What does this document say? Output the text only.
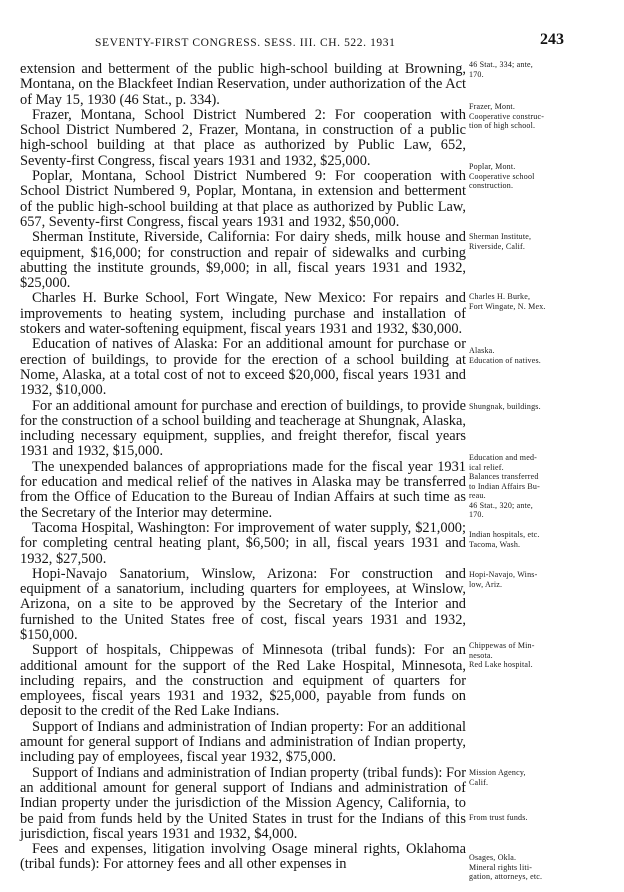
SEVENTY-FIRST CONGRESS. SESS. III. CH. 522. 1931	243

extension and betterment of the public high-school building at Browning, Montana, on the Blackfeet Indian Reservation, under authorization of the Act of May 15, 1930 (46 Stat., p. 334).

Frazer, Montana, School District Numbered 2: For cooperation with School District Numbered 2, Frazer, Montana, in construction of a public high-school building at that place as authorized by Public Law, 652, Seventy-first Congress, fiscal years 1931 and 1932, $25,000.

Poplar, Montana, School District Numbered 9: For cooperation with School District Numbered 9, Poplar, Montana, in extension and betterment of the public high-school building at that place as authorized by Public Law, 657, Seventy-first Congress, fiscal years 1931 and 1932, $50,000.

Sherman Institute, Riverside, California: For dairy sheds, milk house and equipment, $16,000; for construction and repair of sidewalks and curbing abutting the institute grounds, $9,000; in all, fiscal years 1931 and 1932, $25,000.

Charles H. Burke School, Fort Wingate, New Mexico: For repairs and improvements to heating system, including purchase and installation of stokers and water-softening equipment, fiscal years 1931 and 1932, $30,000.

Education of natives of Alaska: For an additional amount for purchase or erection of buildings, to provide for the erection of a school building at Nome, Alaska, at a total cost of not to exceed $20,000, fiscal years 1931 and 1932, $10,000.

For an additional amount for purchase and erection of buildings, to provide for the construction of a school building and teacherage at Shungnak, Alaska, including necessary equipment, supplies, and freight therefor, fiscal years 1931 and 1932, $15,000.

The unexpended balances of appropriations made for the fiscal year 1931 for education and medical relief of the natives in Alaska may be transferred from the Office of Education to the Bureau of Indian Affairs at such time as the Secretary of the Interior may determine.

Tacoma Hospital, Washington: For improvement of water supply, $21,000; for completing central heating plant, $6,500; in all, fiscal years 1931 and 1932, $27,500.

Hopi-Navajo Sanatorium, Winslow, Arizona: For construction and equipment of a sanatorium, including quarters for employees, at Winslow, Arizona, on a site to be approved by the Secretary of the Interior and furnished to the United States free of cost, fiscal years 1931 and 1932, $150,000.

Support of hospitals, Chippewas of Minnesota (tribal funds): For an additional amount for the support of the Red Lake Hospital, Minnesota, including repairs, and the construction and equipment of quarters for employees, fiscal years 1931 and 1932, $25,000, payable from funds on deposit to the credit of the Red Lake Indians.

Support of Indians and administration of Indian property: For an additional amount for general support of Indians and administration of Indian property, including pay of employees, fiscal year 1932, $75,000.

Support of Indians and administration of Indian property (tribal funds): For an additional amount for general support of Indians and administration of Indian property under the jurisdiction of the Mission Agency, California, to be paid from funds held by the United States in trust for the Indians of this jurisdiction, fiscal years 1931 and 1932, $4,000.

Fees and expenses, litigation involving Osage mineral rights, Oklahoma (tribal funds): For attorney fees and all other expenses in

46 Stat., 334; ante,
170.
Frazer, Mont.
Cooperative construc-
tion of high school.
Poplar, Mont.
Cooperative school
construction.
Sherman Institute,
Riverside, Calif.
Charles H. Burke,
Fort Wingate, N. Mex.
Alaska.
Education of natives.
Shungnak, buildings.
Education and med-
ical relief.
Balances transferred
to Indian Affairs Bu-
reau.
46 Stat., 320; ante,
170.
Indian hospitals, etc.
Tacoma, Wash.
Hopi-Navajo, Wins-
low, Ariz.
Chippewas of Min-
nesota.
Red Lake hospital.
Mission Agency,
Calif.
From trust funds.
Osages, Okla.
Mineral rights liti-
gation, attorneys, etc.
